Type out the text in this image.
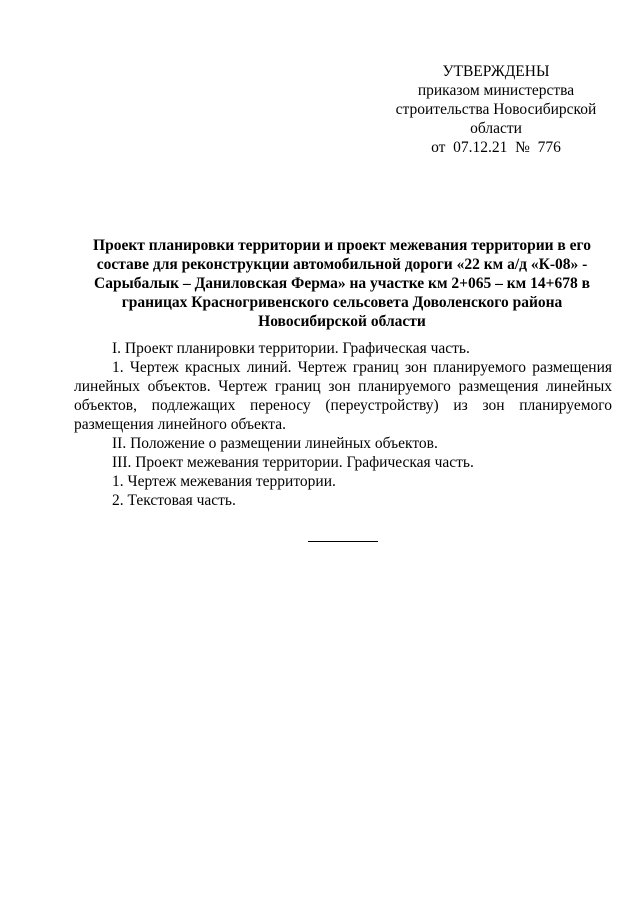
УТВЕРЖДЕНЫ
приказом министерства
строительства Новосибирской
области
от  07.12.21  №  776
Проект планировки территории и проект межевания территории в его
составе для реконструкции автомобильной дороги «22 км а/д «К-08» -
Сарыбалык – Даниловская Ферма» на участке км 2+065 – км 14+678 в
границах Красногривенского сельсовета Доволенского района
Новосибирской области

I. Проект планировки территории. Графическая часть.

1. Чертеж красных линий. Чертеж границ зон планируемого размещения линейных объектов. Чертеж границ зон планируемого размещения линейных объектов, подлежащих переносу (переустройству) из зон планируемого размещения линейного объекта.

II. Положение о размещении линейных объектов.

III. Проект межевания территории. Графическая часть.

1. Чертеж межевания территории.

2. Текстовая часть.
